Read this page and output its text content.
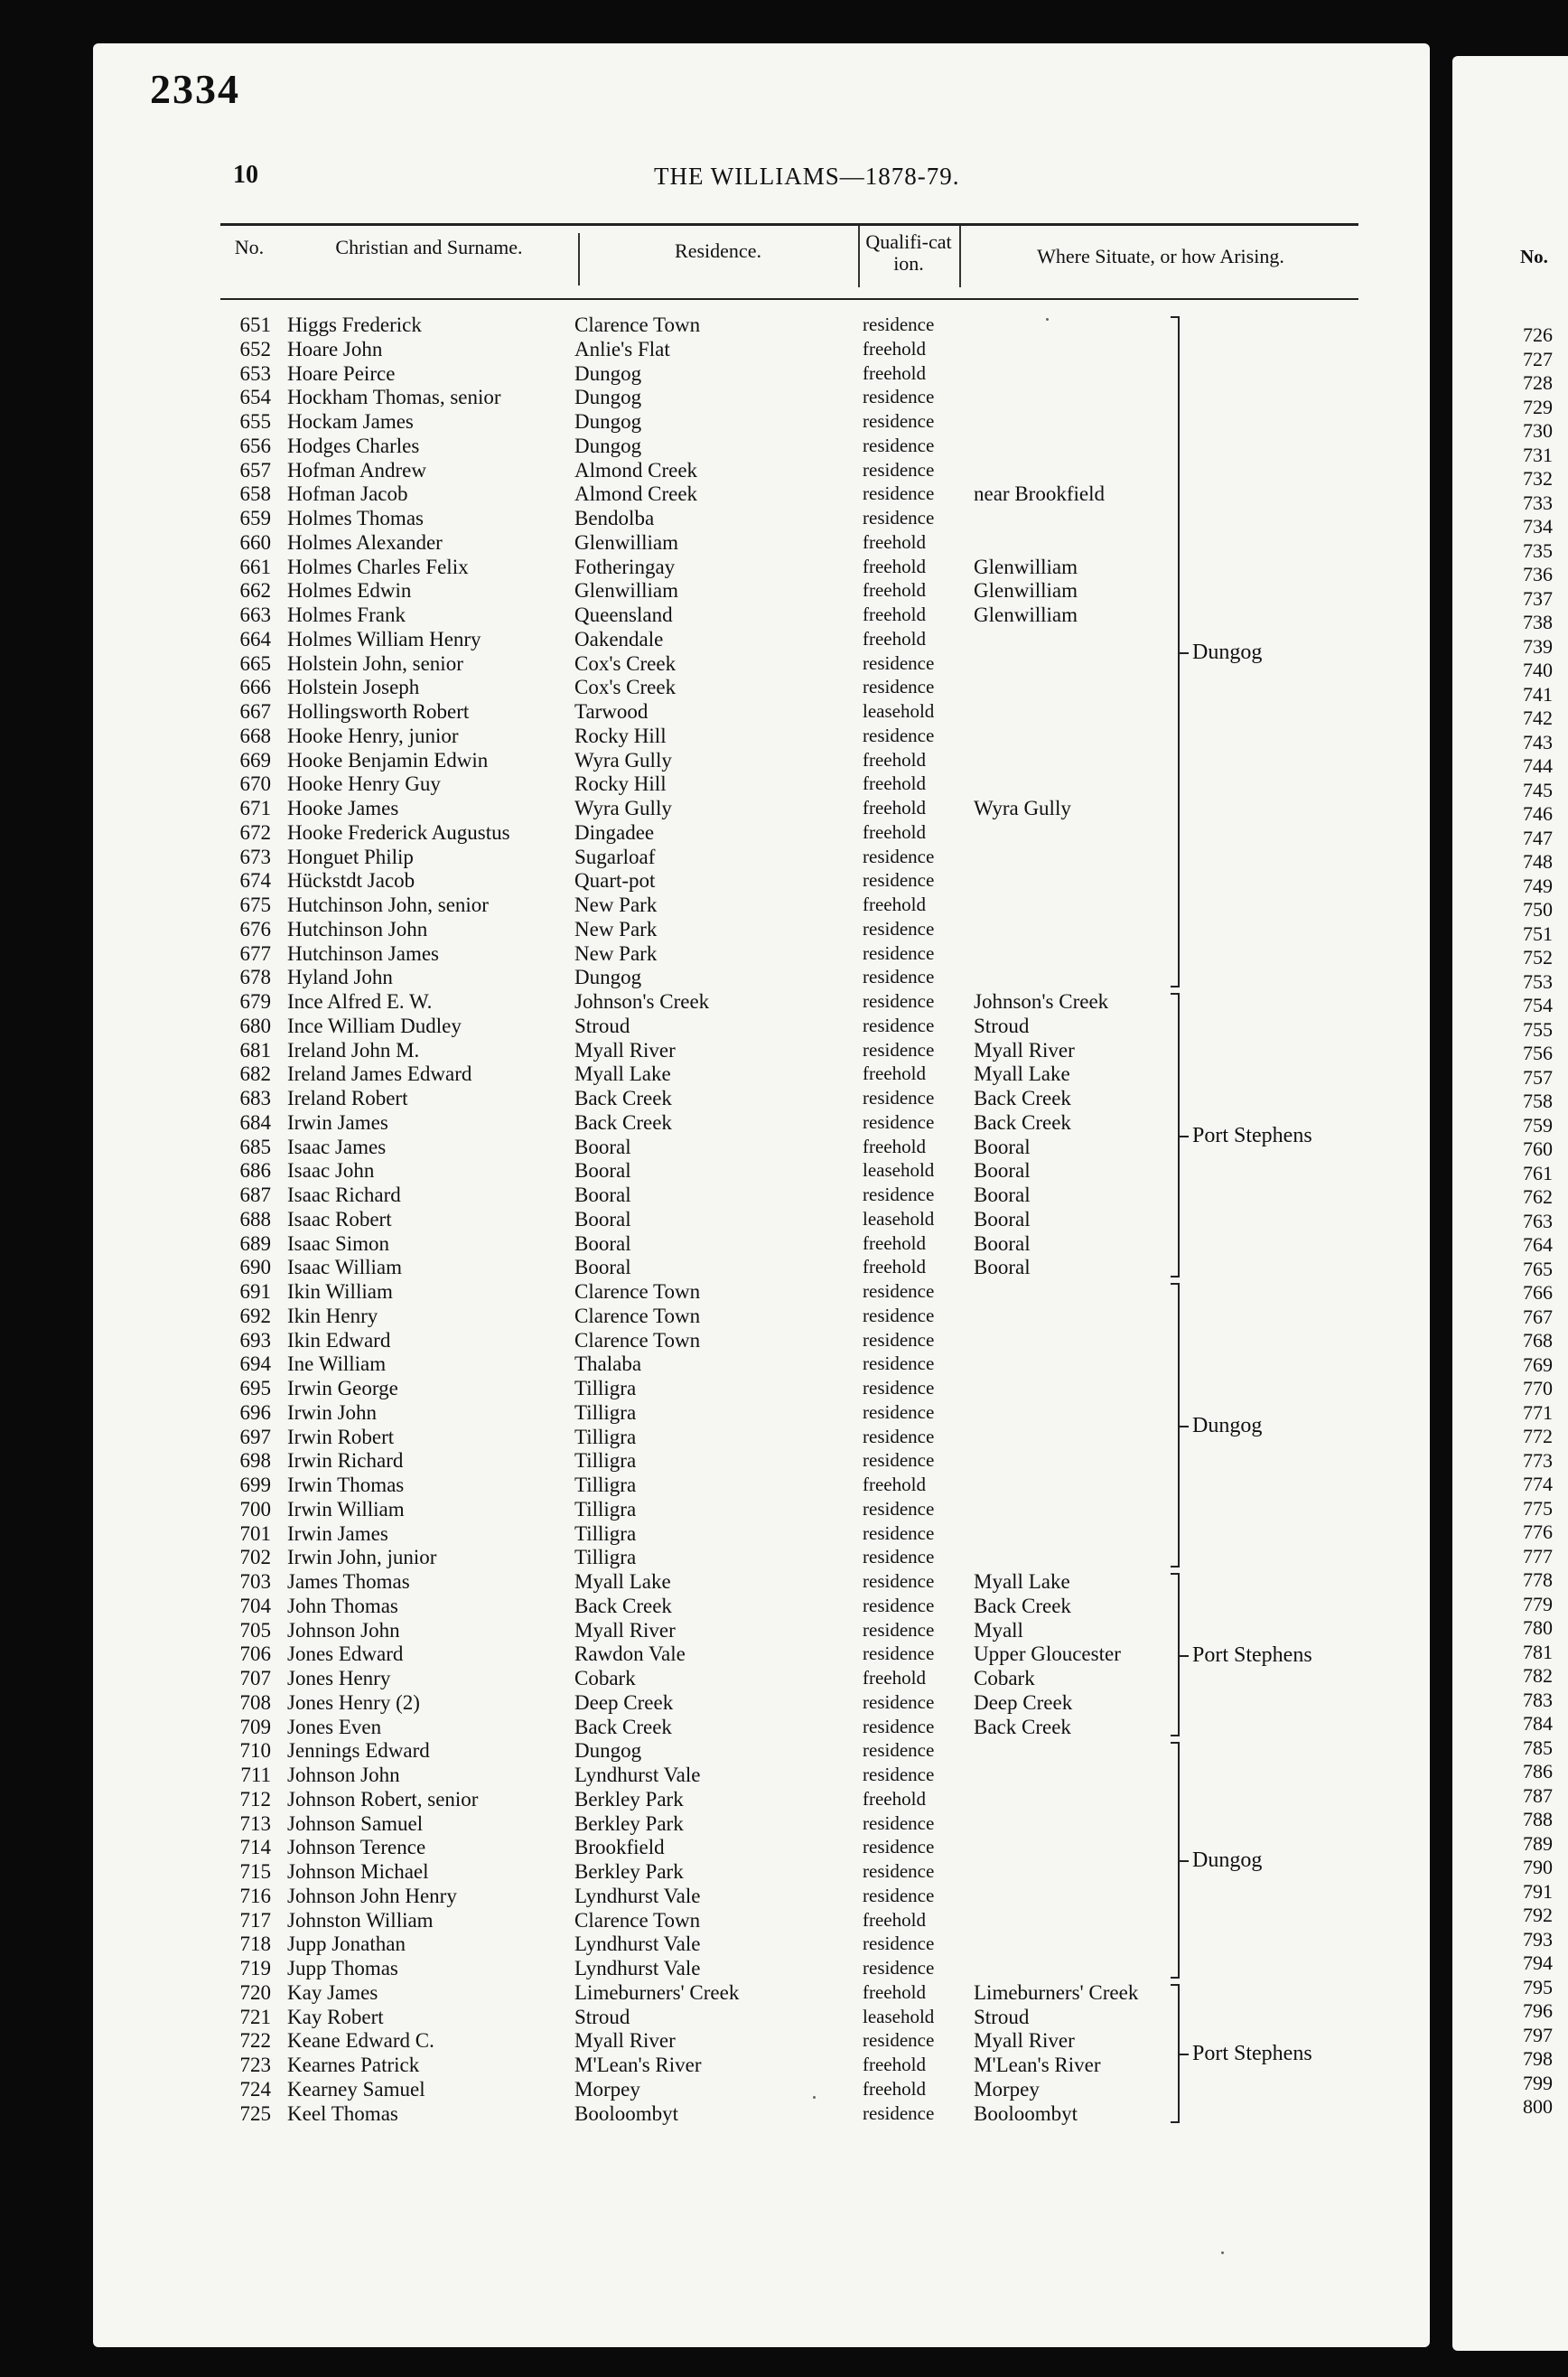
2334
10	THE WILLIAMS—1878-79.
No.	Christian and Surname.	Residence.	Qualifi-cation.	Where Situate, or how Arising.
651 Higgs Frederick	Clarence Town	residence
652 Hoare John	Anlie's Flat	freehold
653 Hoare Peirce	Dungog	freehold
654 Hockham Thomas, senior	Dungog	residence
655 Hockam James	Dungog	residence
656 Hodges Charles	Dungog	residence
657 Hofman Andrew	Almond Creek	residence
658 Hofman Jacob	Almond Creek	residence near Brookfield
659 Holmes Thomas	Bendolba	residence
660 Holmes Alexander	Glenwilliam	freehold
661 Holmes Charles Felix	Fotheringay	freehold Glenwilliam
662 Holmes Edwin	Glenwilliam	freehold Glenwilliam
663 Holmes Frank	Queensland	freehold Glenwilliam
664 Holmes William Henry	Oakendale	freehold
665 Holstein John, senior	Cox's Creek	residence
666 Holstein Joseph	Cox's Creek	residence
667 Hollingsworth Robert	Tarwood	leasehold
668 Hooke Henry, junior	Rocky Hill	residence
669 Hooke Benjamin Edwin	Wyra Gully	freehold
670 Hooke Henry Guy	Rocky Hill	freehold
671 Hooke James	Wyra Gully	freehold Wyra Gully
672 Hooke Frederick Augustus	Dingadee	freehold
673 Honguet Philip	Sugarloaf	residence
674 Hückstdt Jacob	Quart-pot	residence
675 Hutchinson John, senior	New Park	freehold
676 Hutchinson John	New Park	residence
677 Hutchinson James	New Park	residence
678 Hyland John	Dungog	residence
679 Ince Alfred E. W.	Johnson's Creek	residence Johnson's Creek
680 Ince William Dudley	Stroud	residence Stroud
681 Ireland John M.	Myall River	residence Myall River
682 Ireland James Edward	Myall Lake	freehold Myall Lake
683 Ireland Robert	Back Creek	residence Back Creek
684 Irwin James	Back Creek	residence Back Creek
685 Isaac James	Booral	freehold Booral
686 Isaac John	Booral	leasehold Booral
687 Isaac Richard	Booral	residence Booral
688 Isaac Robert	Booral	leasehold Booral
689 Isaac Simon	Booral	freehold Booral
690 Isaac William	Booral	freehold Booral
691 Ikin William	Clarence Town	residence
692 Ikin Henry	Clarence Town	residence
693 Ikin Edward	Clarence Town	residence
694 Ine William	Thalaba	residence
695 Irwin George	Tilligra	residence
696 Irwin John	Tilligra	residence
697 Irwin Robert	Tilligra	residence
698 Irwin Richard	Tilligra	residence
699 Irwin Thomas	Tilligra	freehold
700 Irwin William	Tilligra	residence
701 Irwin James	Tilligra	residence
702 Irwin John, junior	Tilligra	residence
703 James Thomas	Myall Lake	residence Myall Lake
704 John Thomas	Back Creek	residence Back Creek
705 Johnson John	Myall River	residence Myall
706 Jones Edward	Rawdon Vale	residence Upper Gloucester
707 Jones Henry	Cobark	freehold Cobark
708 Jones Henry (2)	Deep Creek	residence Deep Creek
709 Jones Even	Back Creek	residence Back Creek
710 Jennings Edward	Dungog	residence
711 Johnson John	Lyndhurst Vale	residence
712 Johnson Robert, senior	Berkley Park	freehold
713 Johnson Samuel	Berkley Park	residence
714 Johnson Terence	Brookfield	residence
715 Johnson Michael	Berkley Park	residence
716 Johnson John Henry	Lyndhurst Vale	residence
717 Johnston William	Clarence Town	freehold
718 Jupp Jonathan	Lyndhurst Vale	residence
719 Jupp Thomas	Lyndhurst Vale	residence
720 Kay James	Limeburners' Creek	freehold Limeburners' Creek
721 Kay Robert	Stroud	leasehold Stroud
722 Keane Edward C.	Myall River	residence Myall River
723 Kearnes Patrick	M'Lean's River	freehold M'Lean's River
724 Kearney Samuel	Morpey	freehold Morpey
725 Keel Thomas	Booloombyt	residence Booloombyt
Dungog
Port Stephens
Dungog
Port Stephens
Dungog
Port Stephens
No.
726
727
728
729
730
731
732
733
734
735
736
737
738
739
740
741
742
743
744
745
746
747
748
749
750
751
752
753
754
755
756
757
758
759
760
761
762
763
764
765
766
767
768
769
770
771
772
773
774
775
776
777
778
779
780
781
782
783
784
785
786
787
788
789
790
791
792
793
794
795
796
797
798
799
800
